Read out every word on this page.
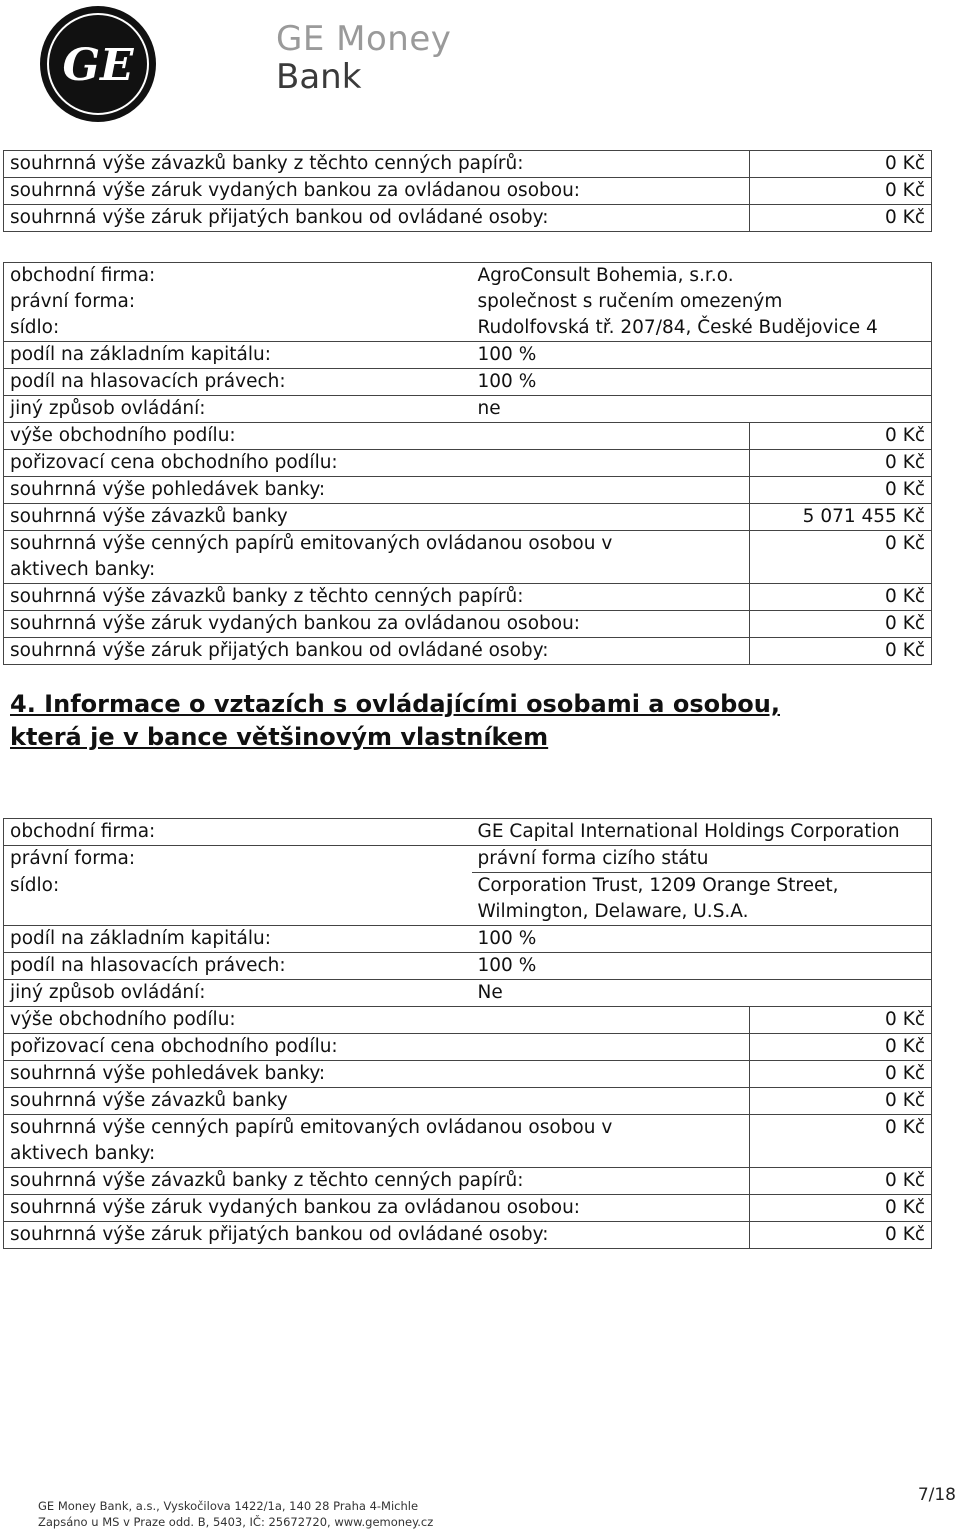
GE
GE Money
Bank
souhrnná výše závazků banky z těchto cenných papírů:	0 Kč
souhrnná výše záruk vydaných bankou za ovládanou osobou:	0 Kč
souhrnná výše záruk přijatých bankou od ovládané osoby:	0 Kč
obchodní firma:	AgroConsult Bohemia, s.r.o.	
právní forma:	společnost s ručením omezeným	
sídlo:	Rudolfovská tř. 207/84, České Budějovice 4	
podíl na základním kapitálu:	100 %	
podíl na hlasovacích právech:	100 %	
jiný způsob ovládání:	ne	
výše obchodního podílu:		0 Kč
pořizovací cena obchodního podílu:		0 Kč
souhrnná výše pohledávek banky:		0 Kč
souhrnná výše závazků banky		5 071 455 Kč
souhrnná výše cenných papírů emitovaných ovládanou osobou v aktivech banky:		0 Kč
souhrnná výše závazků banky z těchto cenných papírů:		0 Kč
souhrnná výše záruk vydaných bankou za ovládanou osobou:		0 Kč
souhrnná výše záruk přijatých bankou od ovládané osoby:		0 Kč
4. Informace o vztazích s ovládajícími osobami a osobou, která je v bance většinovým vlastníkem
obchodní firma:	GE Capital International Holdings Corporation	
právní forma:	právní forma cizího státu	
sídlo:	Corporation Trust, 1209 Orange Street, Wilmington, Delaware, U.S.A.	
podíl na základním kapitálu:	100 %	
podíl na hlasovacích právech:	100 %	
jiný způsob ovládání:	Ne	
výše obchodního podílu:		0 Kč
pořizovací cena obchodního podílu:		0 Kč
souhrnná výše pohledávek banky:		0 Kč
souhrnná výše závazků banky		0 Kč
souhrnná výše cenných papírů emitovaných ovládanou osobou v aktivech banky:		0 Kč
souhrnná výše závazků banky z těchto cenných papírů:		0 Kč
souhrnná výše záruk vydaných bankou za ovládanou osobou:		0 Kč
souhrnná výše záruk přijatých bankou od ovládané osoby:		0 Kč
GE Money Bank, a.s., Vyskočilova 1422/1a, 140 28 Praha 4-Michle
Zapsáno u MS v Praze odd. B, 5403, IČ: 25672720, www.gemoney.cz
7/18
